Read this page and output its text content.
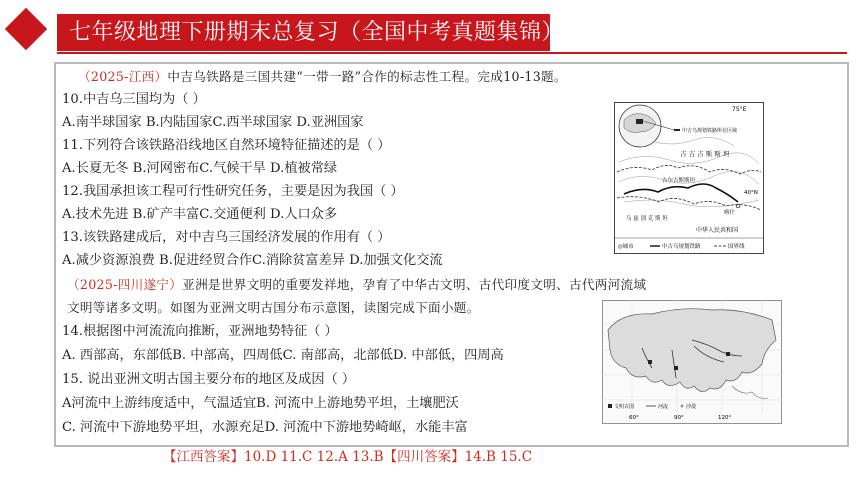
七年级地理下册期末总复习（全国中考真题集锦）
（2025-江西）中吉乌铁路是三国共建“一带一路”合作的标志性工程。完成10-13题。
10.中吉乌三国均为（ ）
A.南半球国家 B.内陆国家C.西半球国家 D.亚洲国家
11.下列符合该铁路沿线地区自然环境特征描述的是（ ）
A.长夏无冬 B.河网密布C.气候干旱 D.植被常绿
12.我国承担该工程可行性研究任务，主要是因为我国（ ）
A.技术先进 B.矿产丰富C.交通便利 D.人口众多
13.该铁路建成后，对中吉乌三国经济发展的作用有（ ）
A.减少资源浪费 B.促进经贸合作C.消除贫富差异 D.加强文化交流
（2025-四川遂宁）亚洲是世界文明的重要发祥地，孕育了中华古文明、古代印度文明、古代两河流域
文明等诸多文明。如图为亚洲文明古国分布示意图，读图完成下面小题。
14.根据图中河流流向推断，亚洲地势特征（ ）
A. 西部高，东部低B. 中部高，四周低C. 南部高，北部低D. 中部低，四周高
15. 说出亚洲文明古国主要分布的地区及成因（ ）
A河流中上游纬度适中，气温适宜B. 河流中上游地势平坦，土壤肥沃
C. 河流中下游地势平坦，水源充足D. 河流中下游地势崎岖，水能丰富
75°E
中吉乌规划铁路所在区域
吉 吉 吉 斯 斯 坦
吉尔吉斯斯坦
乌 兹 别 克 斯 坦
中华人民共和国
喀什
40°N
◎城市	中吉乌规划铁路	国界线
60°	90°	120°
文明古国	河流	沙漠
【江西答案】10.D 11.C 12.A 13.B【四川答案】14.B 15.C
